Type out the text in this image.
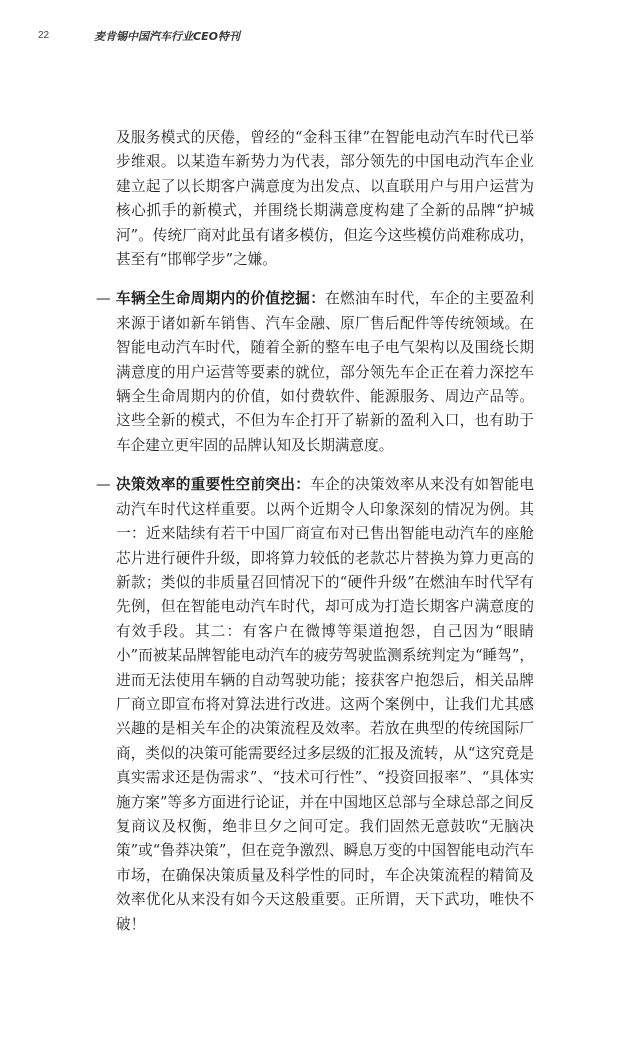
22	麦肯锡中国汽车行业CEO特刊

及服务模式的厌倦，曾经的“金科玉律”在智能电动汽车时代已举步维艰。以某造车新势力为代表，部分领先的中国电动汽车企业建立起了以长期客户满意度为出发点、以直联用户与用户运营为核心抓手的新模式，并围绕长期满意度构建了全新的品牌“护城河”。传统厂商对此虽有诸多模仿，但迄今这些模仿尚难称成功，甚至有“邯郸学步”之嫌。

— 车辆全生命周期内的价值挖掘：在燃油车时代，车企的主要盈利来源于诸如新车销售、汽车金融、原厂售后配件等传统领域。在智能电动汽车时代，随着全新的整车电子电气架构以及围绕长期满意度的用户运营等要素的就位，部分领先车企正在着力深挖车辆全生命周期内的价值，如付费软件、能源服务、周边产品等。这些全新的模式，不但为车企打开了崭新的盈利入口，也有助于车企建立更牢固的品牌认知及长期满意度。

— 决策效率的重要性空前突出：车企的决策效率从来没有如智能电动汽车时代这样重要。以两个近期令人印象深刻的情况为例。其一：近来陆续有若干中国厂商宣布对已售出智能电动汽车的座舱芯片进行硬件升级，即将算力较低的老款芯片替换为算力更高的新款；类似的非质量召回情况下的“硬件升级”在燃油车时代罕有先例，但在智能电动汽车时代，却可成为打造长期客户满意度的有效手段。其二：有客户在微博等渠道抱怨，自己因为“眼睛小”而被某品牌智能电动汽车的疲劳驾驶监测系统判定为“睡驾”，进而无法使用车辆的自动驾驶功能；接获客户抱怨后，相关品牌厂商立即宣布将对算法进行改进。这两个案例中，让我们尤其感兴趣的是相关车企的决策流程及效率。若放在典型的传统国际厂商，类似的决策可能需要经过多层级的汇报及流转，从“这究竟是真实需求还是伪需求”、“技术可行性”、“投资回报率”、“具体实施方案”等多方面进行论证，并在中国地区总部与全球总部之间反复商议及权衡，绝非旦夕之间可定。我们固然无意鼓吹“无脑决策”或“鲁莽决策”，但在竞争激烈、瞬息万变的中国智能电动汽车市场，在确保决策质量及科学性的同时，车企决策流程的精简及效率优化从来没有如今天这般重要。正所谓，天下武功，唯快不破！
